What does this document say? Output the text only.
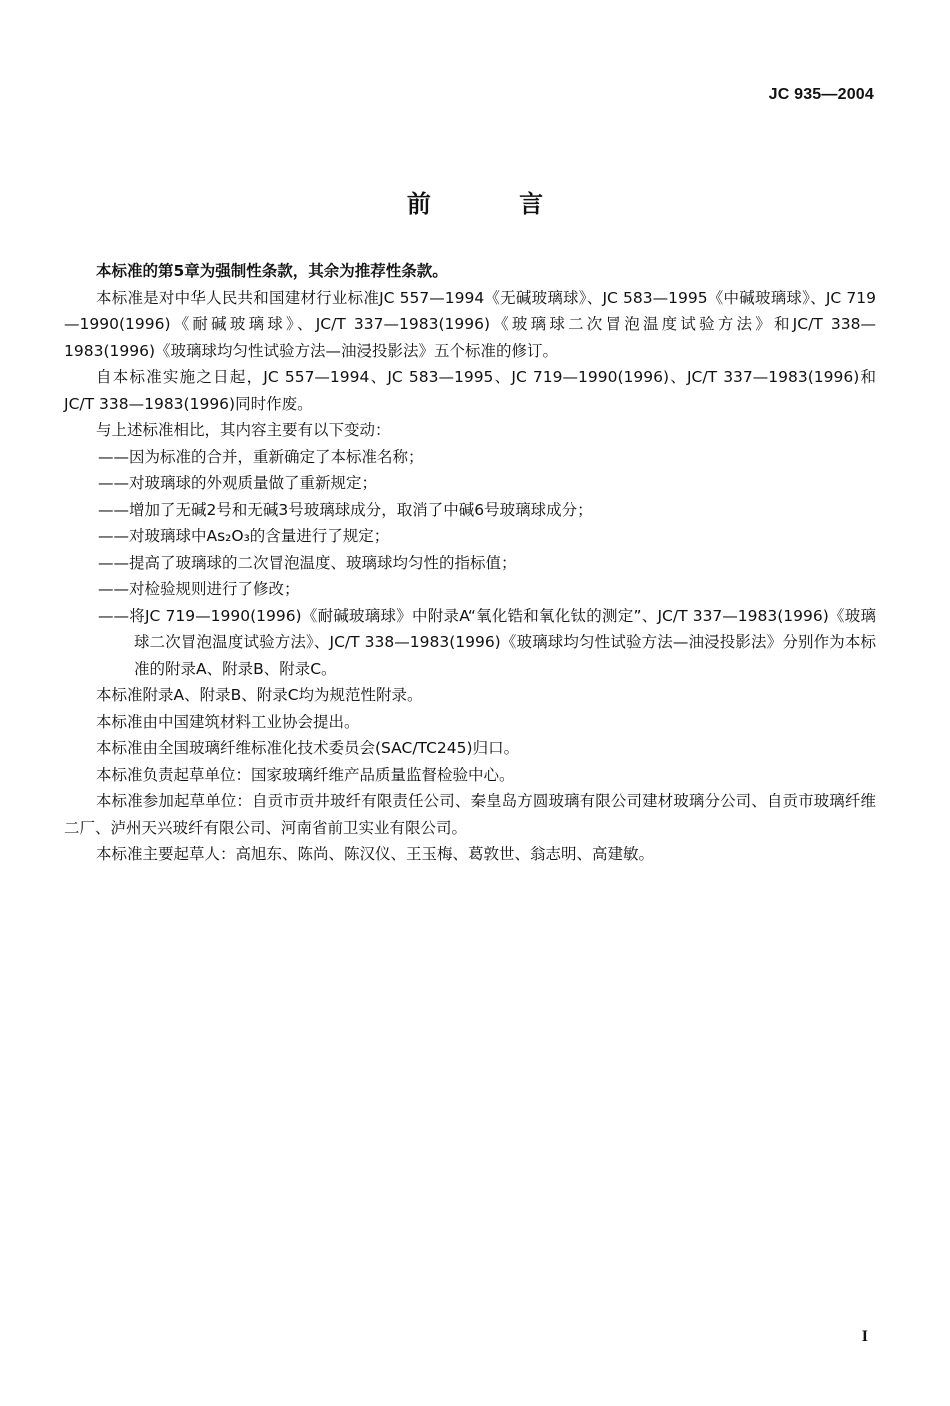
JC 935—2004
前 言

本标准的第5章为强制性条款，其余为推荐性条款。

本标准是对中华人民共和国建材行业标准JC 557—1994《无碱玻璃球》、JC 583—1995《中碱玻璃球》、JC 719—1990(1996)《耐碱玻璃球》、JC/T 337—1983(1996)《玻璃球二次冒泡温度试验方法》和JC/T 338—1983(1996)《玻璃球均匀性试验方法—油浸投影法》五个标准的修订。

自本标准实施之日起，JC 557—1994、JC 583—1995、JC 719—1990(1996)、JC/T 337—1983(1996)和JC/T 338—1983(1996)同时作废。

与上述标准相比，其内容主要有以下变动：

——因为标准的合并，重新确定了本标准名称；

——对玻璃球的外观质量做了重新规定；

——增加了无碱2号和无碱3号玻璃球成分，取消了中碱6号玻璃球成分；

——对玻璃球中As₂O₃的含量进行了规定；

——提高了玻璃球的二次冒泡温度、玻璃球均匀性的指标值；

——对检验规则进行了修改；

——将JC 719—1990(1996)《耐碱玻璃球》中附录A“氧化锆和氧化钛的测定”、JC/T 337—1983(1996)《玻璃球二次冒泡温度试验方法》、JC/T 338—1983(1996)《玻璃球均匀性试验方法—油浸投影法》分别作为本标准的附录A、附录B、附录C。

本标准附录A、附录B、附录C均为规范性附录。

本标准由中国建筑材料工业协会提出。

本标准由全国玻璃纤维标准化技术委员会(SAC/TC245)归口。

本标准负责起草单位：国家玻璃纤维产品质量监督检验中心。

本标准参加起草单位：自贡市贡井玻纤有限责任公司、秦皇岛方圆玻璃有限公司建材玻璃分公司、自贡市玻璃纤维二厂、泸州天兴玻纤有限公司、河南省前卫实业有限公司。

本标准主要起草人：高旭东、陈尚、陈汉仪、王玉梅、葛敦世、翁志明、高建敏。

I
